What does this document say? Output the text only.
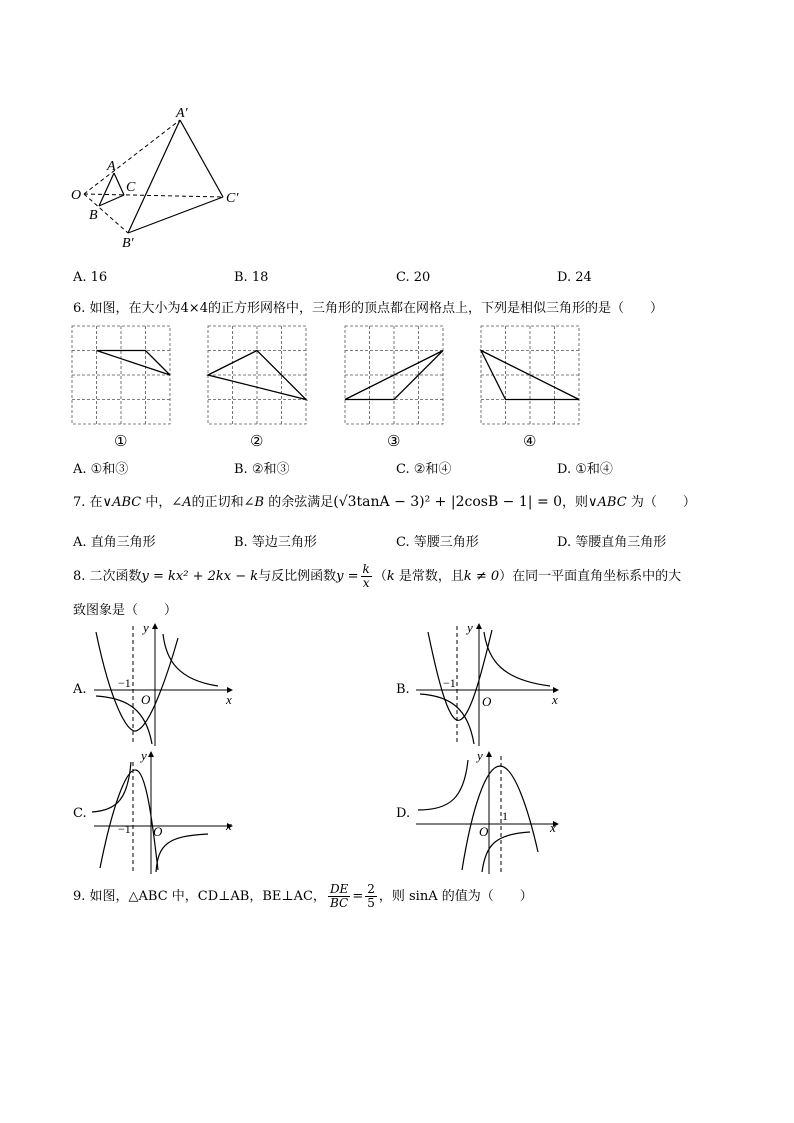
A′
A
C
C′
O
B
B′
A. 16	B. 18	C. 20	D. 24
6. 如图，在大小为4×4的正方形网格中，三角形的顶点都在网格点上，下列是相似三角形的是（　　）
①	②	③	④
A. ①和③	B. ②和③	C. ②和④	D. ①和④
7. 在∨ABC 中，∠A的正切和∠B 的余弦满足(√3tanA − 3)² + |2cosB − 1| = 0，则∨ABC 为（　　）
A. 直角三角形	B. 等边三角形	C. 等腰三角形	D. 等腰直角三角形
8. 二次函数y = kx² + 2kx − k与反比例函数$y = \frac{k}{x} (k$ 是常数，且k ≠ 0）在同一平面直角坐标系中的大
致图象是（　　）
A.
y
x
O
−1	B.
y
x
O
−1
C.
y
x
O
−1
D.
y
x
O
1
9. 如图，△ABC 中，CD⊥AB，BE⊥AC， $\frac{DE}{BC} = \frac{2}{5}$ ，则 sinA 的值为（　　）
